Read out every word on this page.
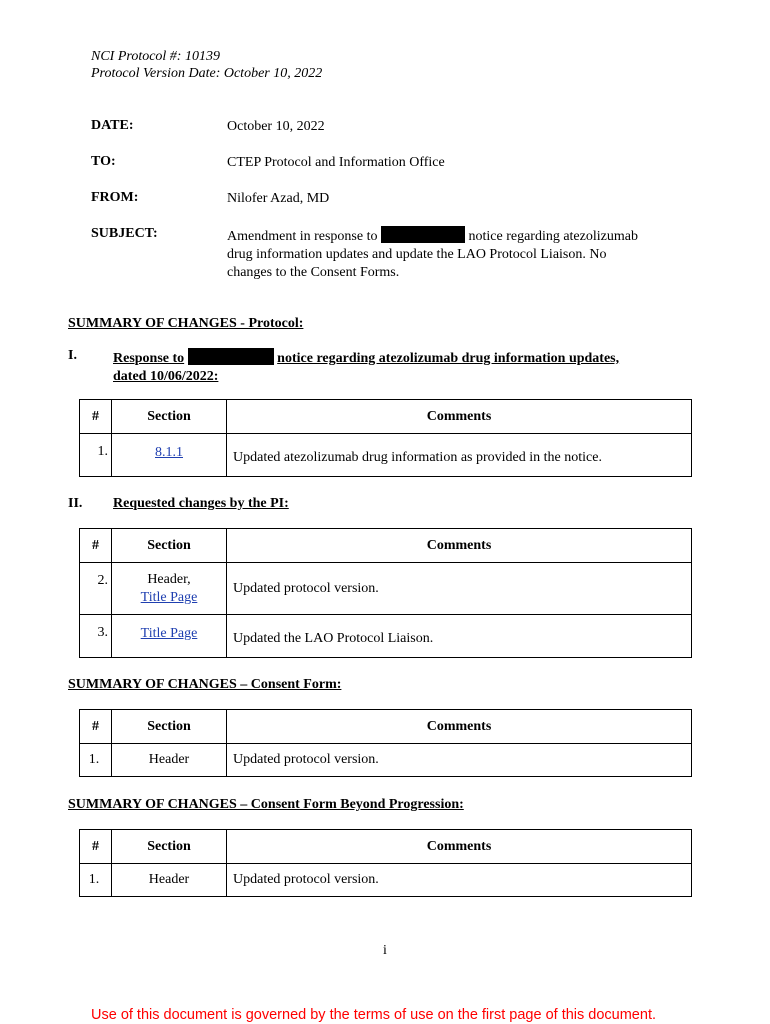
NCI Protocol #: 10139
Protocol Version Date: October 10, 2022
DATE:	October 10, 2022
TO:	CTEP Protocol and Information Office
FROM:	Nilofer Azad, MD
SUBJECT:	Amendment in response to	notice regarding atezolizumab
drug information updates and update the LAO Protocol Liaison. No
changes to the Consent Forms.
SUMMARY OF CHANGES - Protocol:
I.	Response to	notice regarding atezolizumab drug information updates,
dated 10/06/2022:
#	Section	Comments
1.	8.1.1	Updated atezolizumab drug information as provided in the notice.
II. Requested changes by the PI:
#	Section	Comments
2.	Header,
Title Page	Updated protocol version.
3.	Title Page	Updated the LAO Protocol Liaison.
SUMMARY OF CHANGES – Consent Form:
#	Section	Comments
1.	Header	Updated protocol version.
SUMMARY OF CHANGES – Consent Form Beyond Progression:
#	Section	Comments
1.	Header	Updated protocol version.
i
Use of this document is governed by the terms of use on the first page of this document.
